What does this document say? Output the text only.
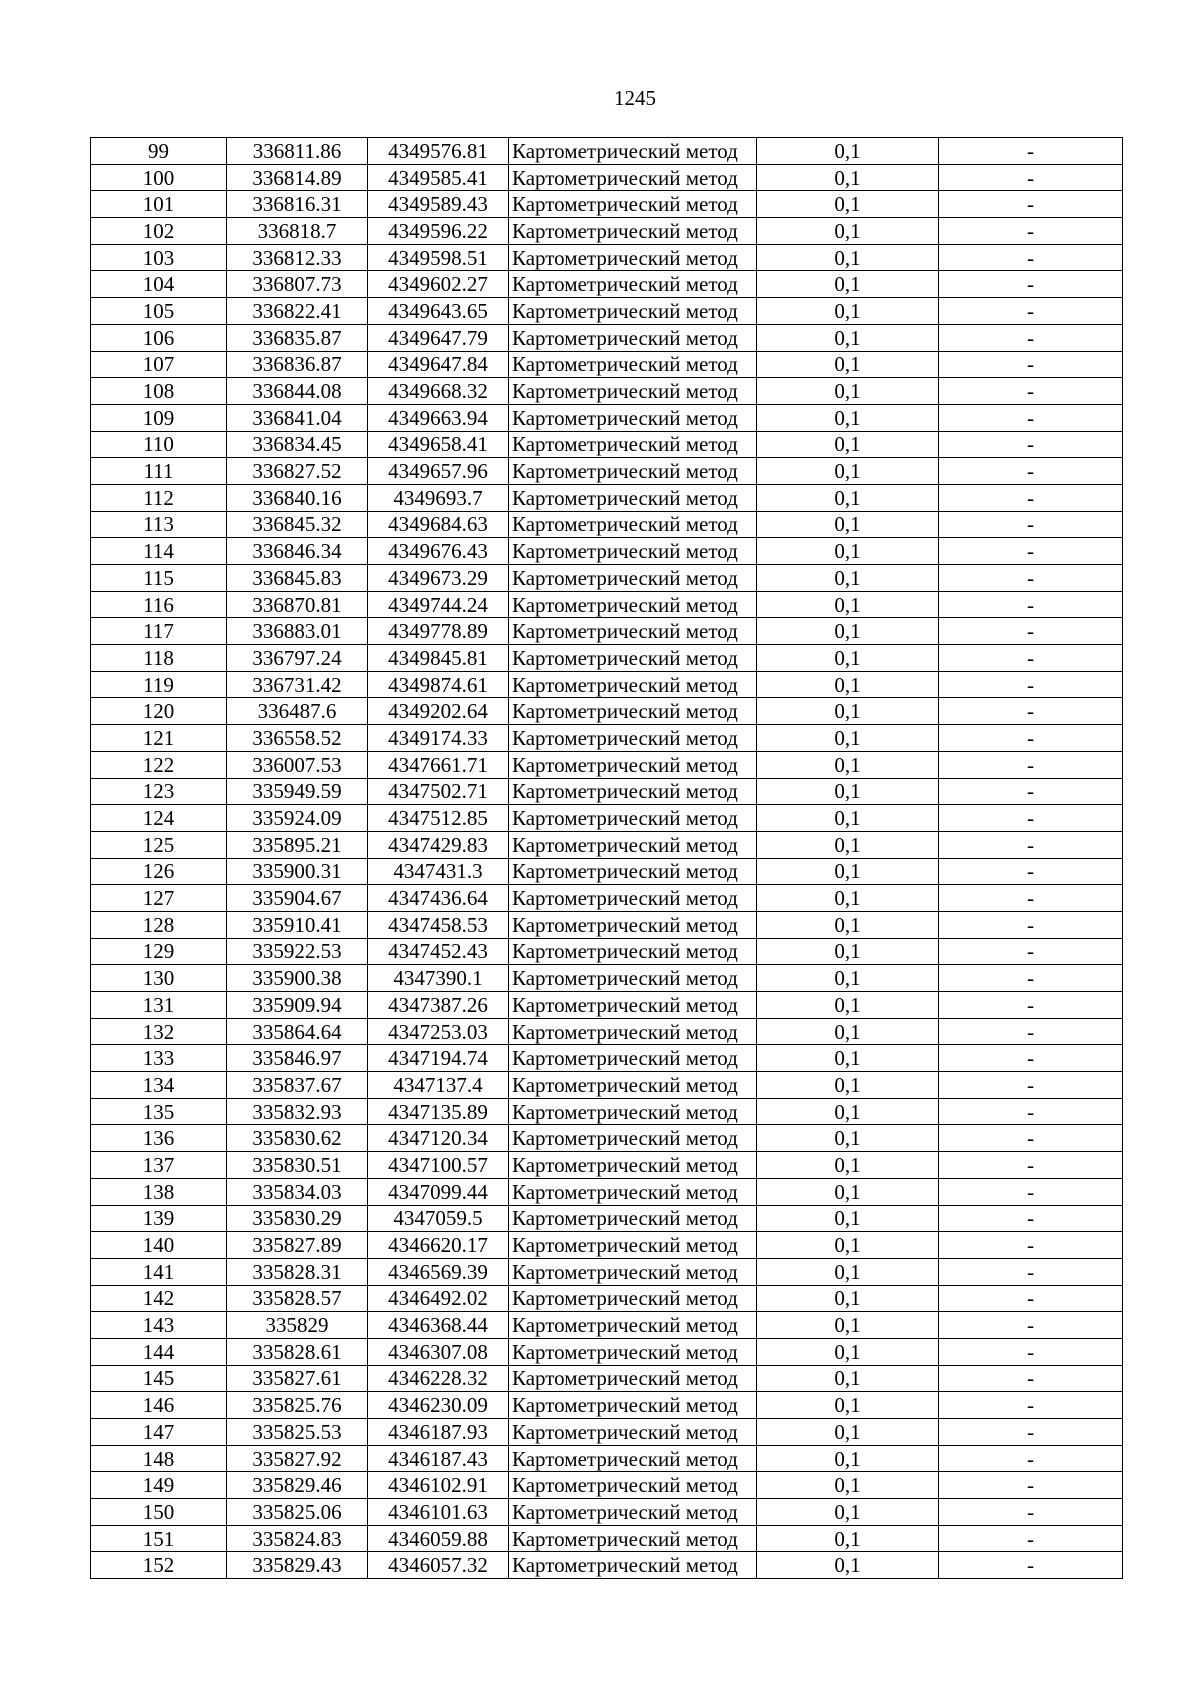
1245
99	336811.86	4349576.81	Картометрический метод	0,1	-
100	336814.89	4349585.41	Картометрический метод	0,1	-
101	336816.31	4349589.43	Картометрический метод	0,1	-
102	336818.7	4349596.22	Картометрический метод	0,1	-
103	336812.33	4349598.51	Картометрический метод	0,1	-
104	336807.73	4349602.27	Картометрический метод	0,1	-
105	336822.41	4349643.65	Картометрический метод	0,1	-
106	336835.87	4349647.79	Картометрический метод	0,1	-
107	336836.87	4349647.84	Картометрический метод	0,1	-
108	336844.08	4349668.32	Картометрический метод	0,1	-
109	336841.04	4349663.94	Картометрический метод	0,1	-
110	336834.45	4349658.41	Картометрический метод	0,1	-
111	336827.52	4349657.96	Картометрический метод	0,1	-
112	336840.16	4349693.7	Картометрический метод	0,1	-
113	336845.32	4349684.63	Картометрический метод	0,1	-
114	336846.34	4349676.43	Картометрический метод	0,1	-
115	336845.83	4349673.29	Картометрический метод	0,1	-
116	336870.81	4349744.24	Картометрический метод	0,1	-
117	336883.01	4349778.89	Картометрический метод	0,1	-
118	336797.24	4349845.81	Картометрический метод	0,1	-
119	336731.42	4349874.61	Картометрический метод	0,1	-
120	336487.6	4349202.64	Картометрический метод	0,1	-
121	336558.52	4349174.33	Картометрический метод	0,1	-
122	336007.53	4347661.71	Картометрический метод	0,1	-
123	335949.59	4347502.71	Картометрический метод	0,1	-
124	335924.09	4347512.85	Картометрический метод	0,1	-
125	335895.21	4347429.83	Картометрический метод	0,1	-
126	335900.31	4347431.3	Картометрический метод	0,1	-
127	335904.67	4347436.64	Картометрический метод	0,1	-
128	335910.41	4347458.53	Картометрический метод	0,1	-
129	335922.53	4347452.43	Картометрический метод	0,1	-
130	335900.38	4347390.1	Картометрический метод	0,1	-
131	335909.94	4347387.26	Картометрический метод	0,1	-
132	335864.64	4347253.03	Картометрический метод	0,1	-
133	335846.97	4347194.74	Картометрический метод	0,1	-
134	335837.67	4347137.4	Картометрический метод	0,1	-
135	335832.93	4347135.89	Картометрический метод	0,1	-
136	335830.62	4347120.34	Картометрический метод	0,1	-
137	335830.51	4347100.57	Картометрический метод	0,1	-
138	335834.03	4347099.44	Картометрический метод	0,1	-
139	335830.29	4347059.5	Картометрический метод	0,1	-
140	335827.89	4346620.17	Картометрический метод	0,1	-
141	335828.31	4346569.39	Картометрический метод	0,1	-
142	335828.57	4346492.02	Картометрический метод	0,1	-
143	335829	4346368.44	Картометрический метод	0,1	-
144	335828.61	4346307.08	Картометрический метод	0,1	-
145	335827.61	4346228.32	Картометрический метод	0,1	-
146	335825.76	4346230.09	Картометрический метод	0,1	-
147	335825.53	4346187.93	Картометрический метод	0,1	-
148	335827.92	4346187.43	Картометрический метод	0,1	-
149	335829.46	4346102.91	Картометрический метод	0,1	-
150	335825.06	4346101.63	Картометрический метод	0,1	-
151	335824.83	4346059.88	Картометрический метод	0,1	-
152	335829.43	4346057.32	Картометрический метод	0,1	-
